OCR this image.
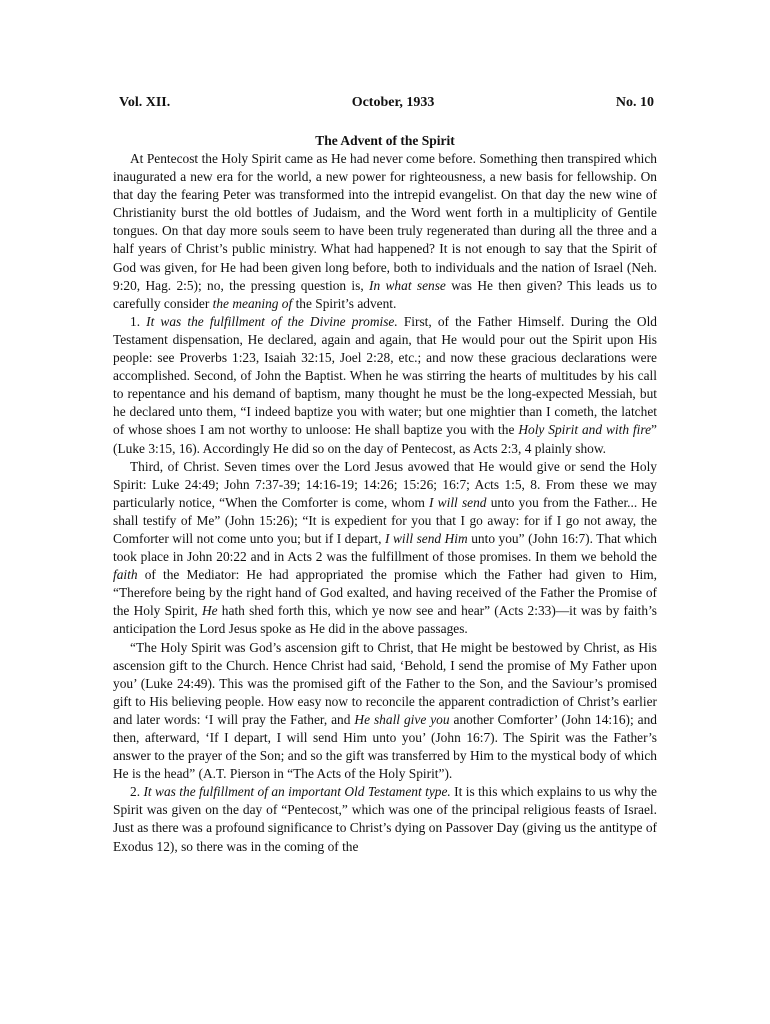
Vol. XII.	October, 1933	No. 10
The Advent of the Spirit

At Pentecost the Holy Spirit came as He had never come before. Something then transpired which inaugurated a new era for the world, a new power for righteousness, a new basis for fellowship. On that day the fearing Peter was transformed into the intrepid evangelist. On that day the new wine of Christianity burst the old bottles of Judaism, and the Word went forth in a multiplicity of Gentile tongues. On that day more souls seem to have been truly regenerated than during all the three and a half years of Christ’s public ministry. What had happened? It is not enough to say that the Spirit of God was given, for He had been given long before, both to individuals and the nation of Israel (Neh. 9:20, Hag. 2:5); no, the pressing question is, In what sense was He then given? This leads us to carefully consider the meaning of the Spirit’s advent.

1. It was the fulfillment of the Divine promise. First, of the Father Himself. During the Old Testament dispensation, He declared, again and again, that He would pour out the Spirit upon His people: see Proverbs 1:23, Isaiah 32:15, Joel 2:28, etc.; and now these gracious declarations were accomplished. Second, of John the Baptist. When he was stirring the hearts of multitudes by his call to repentance and his demand of baptism, many thought he must be the long-expected Messiah, but he declared unto them, “I indeed baptize you with water; but one mightier than I cometh, the latchet of whose shoes I am not worthy to unloose: He shall baptize you with the Holy Spirit and with fire” (Luke 3:15, 16). Accordingly He did so on the day of Pentecost, as Acts 2:3, 4 plainly show.

Third, of Christ. Seven times over the Lord Jesus avowed that He would give or send the Holy Spirit: Luke 24:49; John 7:37-39; 14:16-19; 14:26; 15:26; 16:7; Acts 1:5, 8. From these we may particularly notice, “When the Comforter is come, whom I will send unto you from the Father... He shall testify of Me” (John 15:26); “It is expedient for you that I go away: for if I go not away, the Comforter will not come unto you; but if I depart, I will send Him unto you” (John 16:7). That which took place in John 20:22 and in Acts 2 was the fulfillment of those promises. In them we behold the faith of the Mediator: He had appropriated the promise which the Father had given to Him, “Therefore being by the right hand of God exalted, and having received of the Father the Promise of the Holy Spirit, He hath shed forth this, which ye now see and hear” (Acts 2:33)—it was by faith’s anticipation the Lord Jesus spoke as He did in the above passages.

“The Holy Spirit was God’s ascension gift to Christ, that He might be bestowed by Christ, as His ascension gift to the Church. Hence Christ had said, ‘Behold, I send the promise of My Father upon you’ (Luke 24:49). This was the promised gift of the Father to the Son, and the Saviour’s promised gift to His believing people. How easy now to reconcile the apparent contradiction of Christ’s earlier and later words: ‘I will pray the Father, and He shall give you another Comforter’ (John 14:16); and then, afterward, ‘If I depart, I will send Him unto you’ (John 16:7). The Spirit was the Father’s answer to the prayer of the Son; and so the gift was transferred by Him to the mystical body of which He is the head” (A.T. Pierson in “The Acts of the Holy Spirit”).

2. It was the fulfillment of an important Old Testament type. It is this which explains to us why the Spirit was given on the day of “Pentecost,” which was one of the principal religious feasts of Israel. Just as there was a profound significance to Christ’s dying on Passover Day (giving us the antitype of Exodus 12), so there was in the coming of the
